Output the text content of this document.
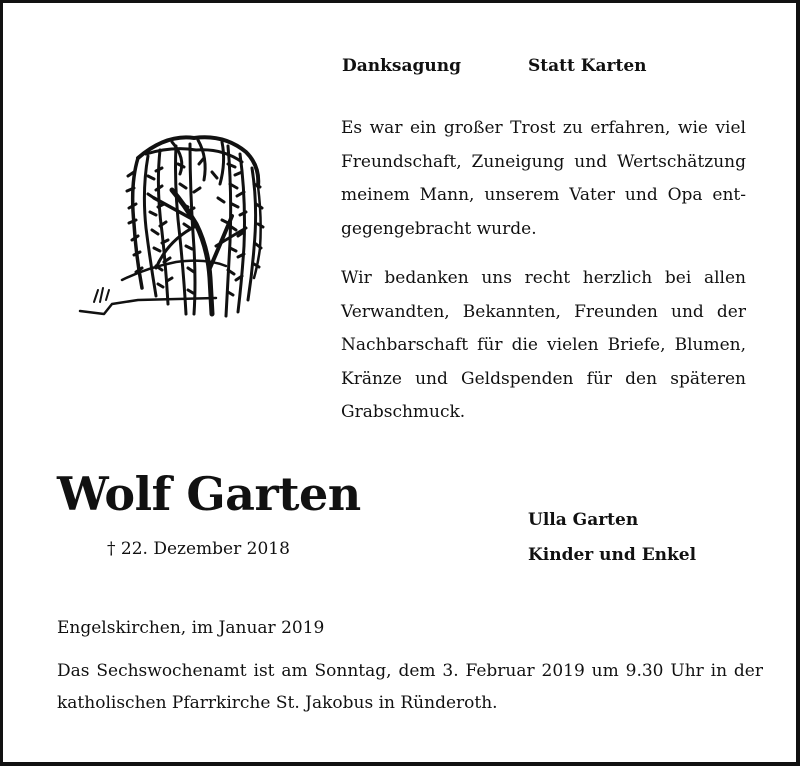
Danksagung	Statt Karten
Es war ein großer Trost zu erfahren, wie viel
Freundschaft, Zuneigung und Wertschätzung
meinem Mann, unserem Vater und Opa ent-
gegengebracht wurde.
Wir bedanken uns recht herzlich bei allen
Verwandten, Bekannten, Freunden und der
Nachbarschaft für die vielen Briefe, Blumen,
Kränze und Geldspenden für den späteren
Grabschmuck.
Wolf Garten
† 22. Dezember 2018
Ulla Garten
Kinder und Enkel
Engelskirchen, im Januar 2019
Das Sechswochenamt ist am Sonntag, dem 3. Februar 2019 um 9.30 Uhr in der
katholischen Pfarrkirche St. Jakobus in Ründeroth.
